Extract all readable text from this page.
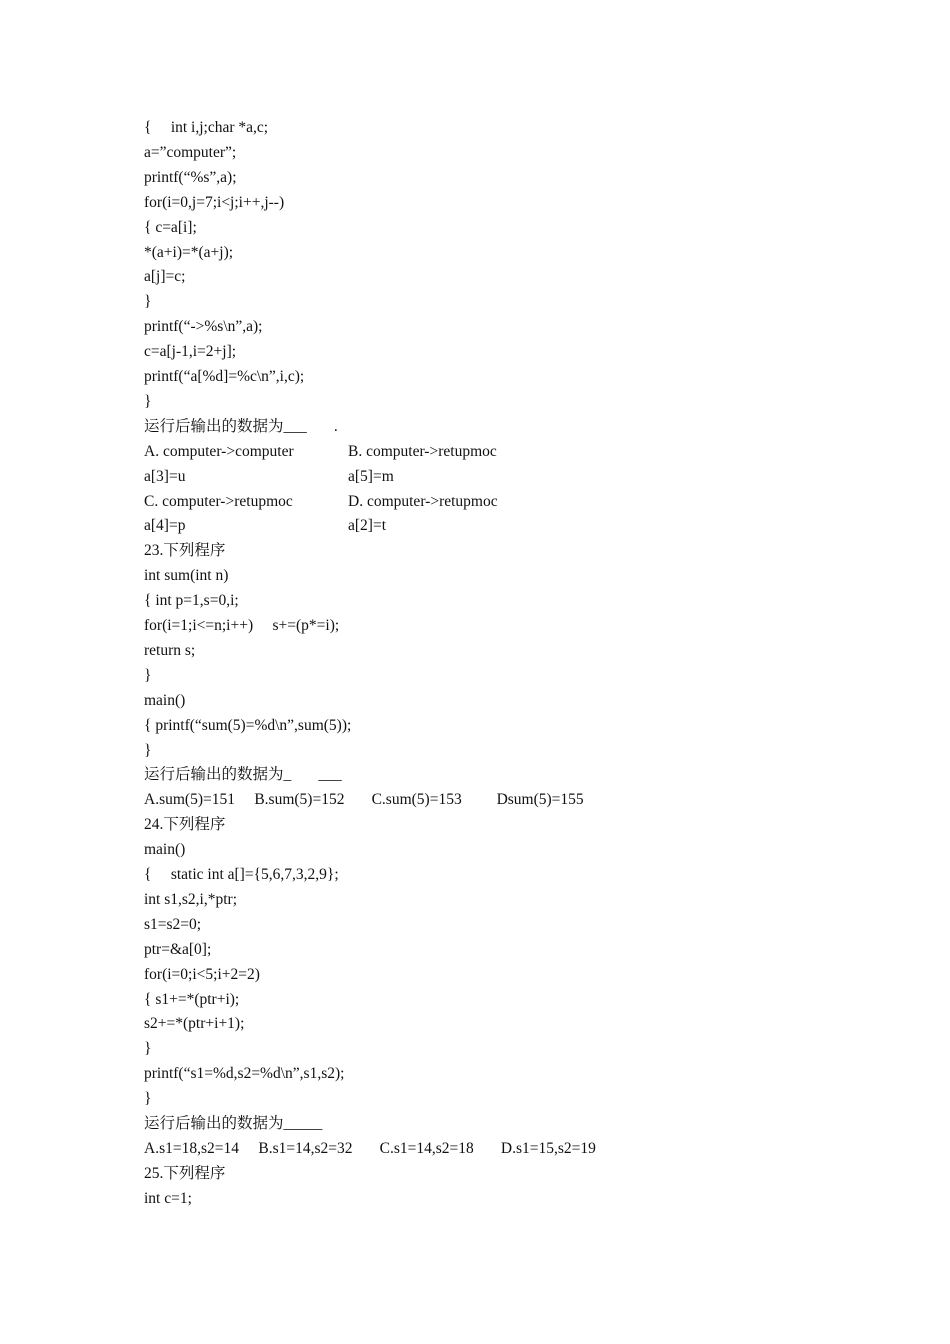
{     int i,j;char *a,c;
a=”computer”;
printf(“%s”,a);
for(i=0,j=7;i<j;i++,j--)
{ c=a[i];
*(a+i)=*(a+j);
a[j]=c;
}
printf(“->%s\n”,a);
c=a[j-1,i=2+j];
printf(“a[%d]=%c\n”,i,c);
}
运行后输出的数据为___       .
A. computer->computer	B. computer->retupmoc
a[3]=u	a[5]=m
C. computer->retupmoc	D. computer->retupmoc
a[4]=p	a[2]=t
23.下列程序
int sum(int n)
{ int p=1,s=0,i;
for(i=1;i<=n;i++)     s+=(p*=i);
return s;
}
main()
{ printf(“sum(5)=%d\n”,sum(5));
}
运行后输出的数据为_       ___
A.sum(5)=151     B.sum(5)=152       C.sum(5)=153         Dsum(5)=155
24.下列程序
main()
{     static int a[]={5,6,7,3,2,9};
int s1,s2,i,*ptr;
s1=s2=0;
ptr=&a[0];
for(i=0;i<5;i+2=2)
{ s1+=*(ptr+i);
s2+=*(ptr+i+1);
}
printf(“s1=%d,s2=%d\n”,s1,s2);
}
运行后输出的数据为_____
A.s1=18,s2=14     B.s1=14,s2=32       C.s1=14,s2=18       D.s1=15,s2=19
25.下列程序
int c=1;
